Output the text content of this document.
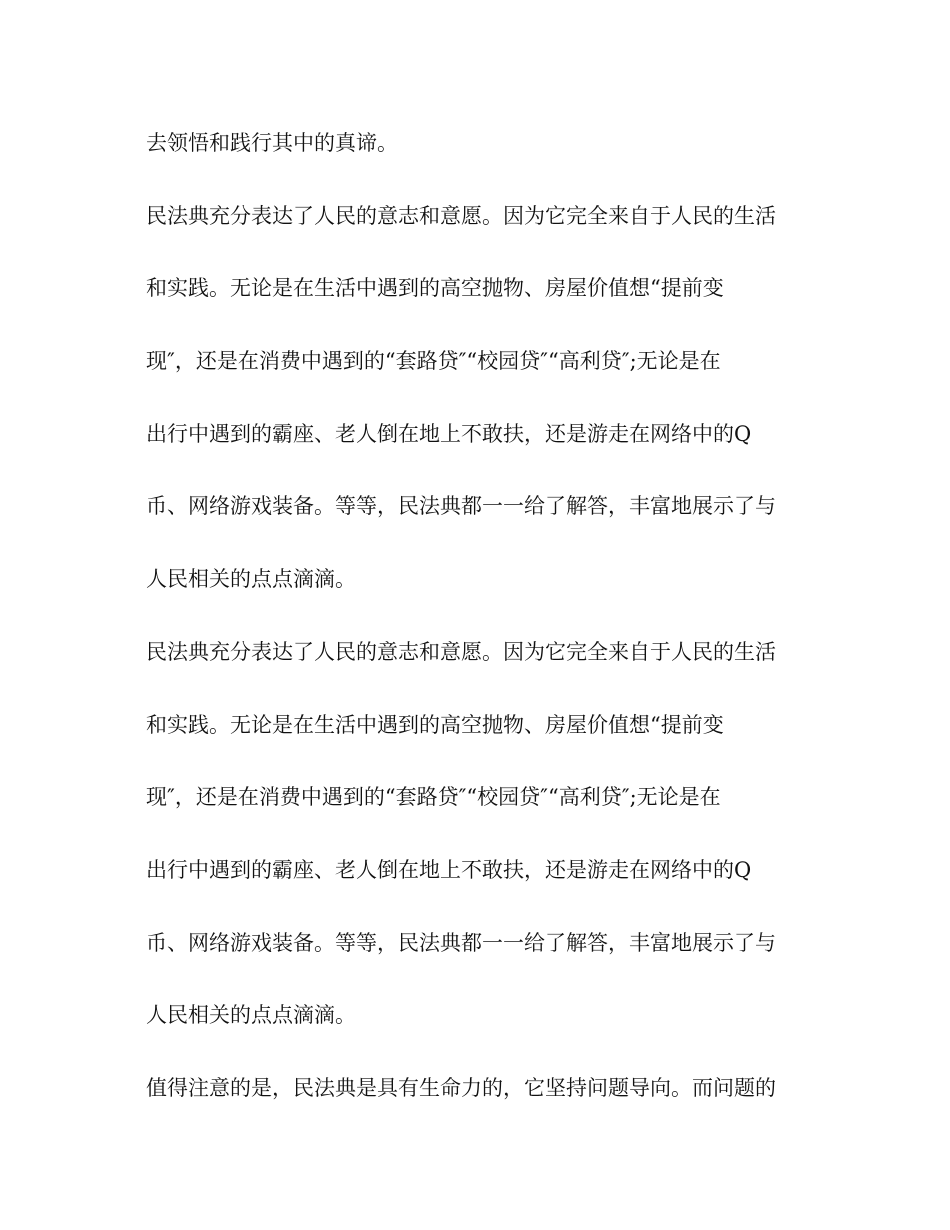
去领悟和践行其中的真谛。

民法典充分表达了人民的意志和意愿。因为它完全来自于人民的生活

和实践。无论是在生活中遇到的高空抛物、房屋价值想“提前变

现″，还是在消费中遇到的“套路贷″“校园贷″“高利贷″;无论是在

出行中遇到的霸座、老人倒在地上不敢扶，还是游走在网络中的Q

币、网络游戏装备。等等，民法典都一一给了解答，丰富地展示了与

人民相关的点点滴滴。

民法典充分表达了人民的意志和意愿。因为它完全来自于人民的生活

和实践。无论是在生活中遇到的高空抛物、房屋价值想“提前变

现″，还是在消费中遇到的“套路贷″“校园贷″“高利贷″;无论是在

出行中遇到的霸座、老人倒在地上不敢扶，还是游走在网络中的Q

币、网络游戏装备。等等，民法典都一一给了解答，丰富地展示了与

人民相关的点点滴滴。

值得注意的是，民法典是具有生命力的，它坚持问题导向。而问题的
